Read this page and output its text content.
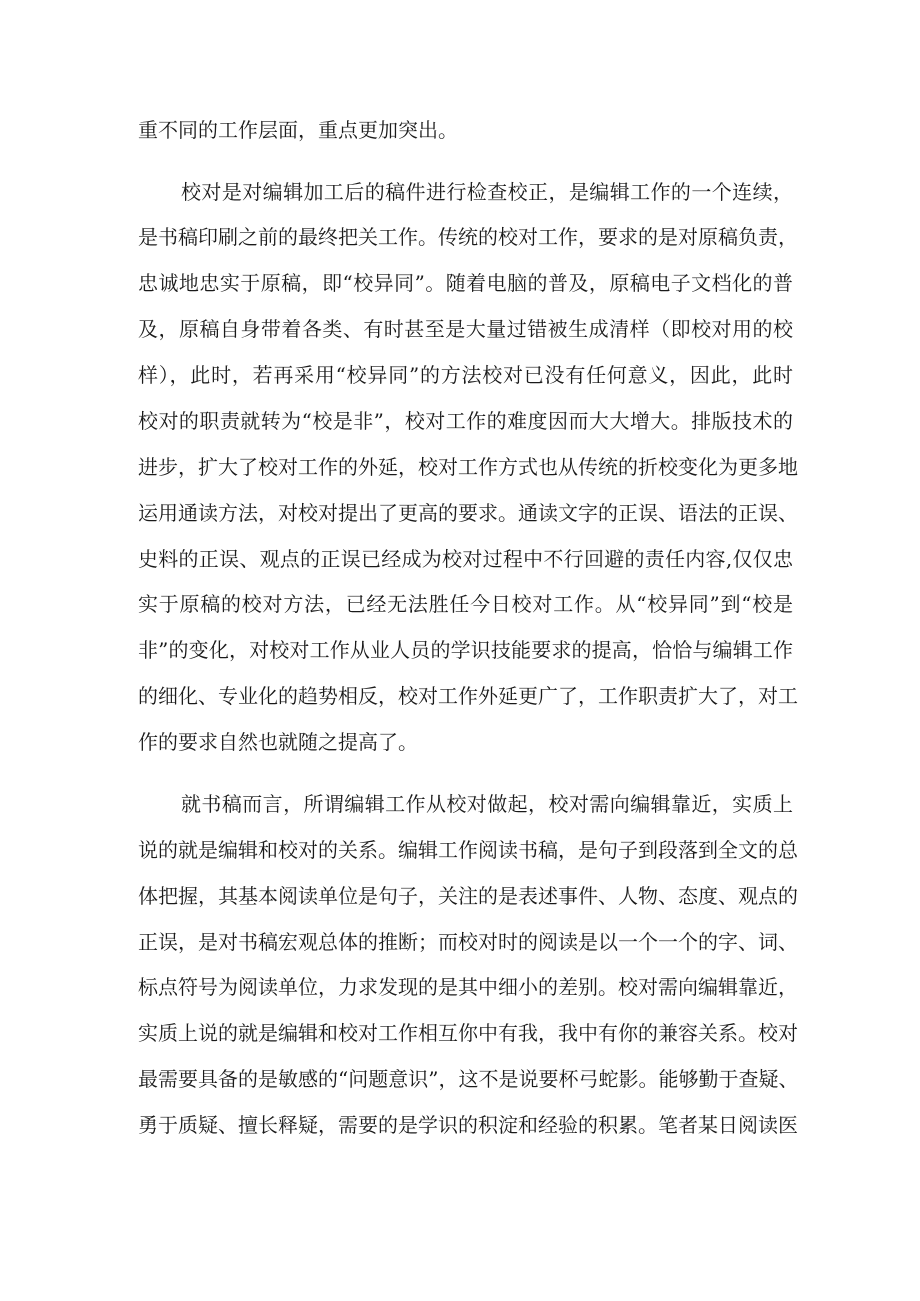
重不同的工作层面，重点更加突出。

校对是对编辑加工后的稿件进行检查校正，是编辑工作的一个连续，

是书稿印刷之前的最终把关工作。传统的校对工作，要求的是对原稿负责，

忠诚地忠实于原稿，即“校异同”。随着电脑的普及，原稿电子文档化的普

及，原稿自身带着各类、有时甚至是大量过错被生成清样（即校对用的校

样），此时，若再采用“校异同”的方法校对已没有任何意义，因此，此时

校对的职责就转为“校是非”，校对工作的难度因而大大增大。排版技术的

进步，扩大了校对工作的外延，校对工作方式也从传统的折校变化为更多地

运用通读方法，对校对提出了更高的要求。通读文字的正误、语法的正误、

史料的正误、观点的正误已经成为校对过程中不行回避的责任内容,仅仅忠

实于原稿的校对方法，已经无法胜任今日校对工作。从“校异同”到“校是

非”的变化，对校对工作从业人员的学识技能要求的提高，恰恰与编辑工作

的细化、专业化的趋势相反，校对工作外延更广了，工作职责扩大了，对工

作的要求自然也就随之提高了。

就书稿而言，所谓编辑工作从校对做起，校对需向编辑靠近，实质上

说的就是编辑和校对的关系。编辑工作阅读书稿，是句子到段落到全文的总

体把握，其基本阅读单位是句子，关注的是表述事件、人物、态度、观点的

正误，是对书稿宏观总体的推断；而校对时的阅读是以一个一个的字、词、

标点符号为阅读单位，力求发现的是其中细小的差别。校对需向编辑靠近，

实质上说的就是编辑和校对工作相互你中有我，我中有你的兼容关系。校对

最需要具备的是敏感的“问题意识”，这不是说要杯弓蛇影。能够勤于查疑、

勇于质疑、擅长释疑，需要的是学识的积淀和经验的积累。笔者某日阅读医
